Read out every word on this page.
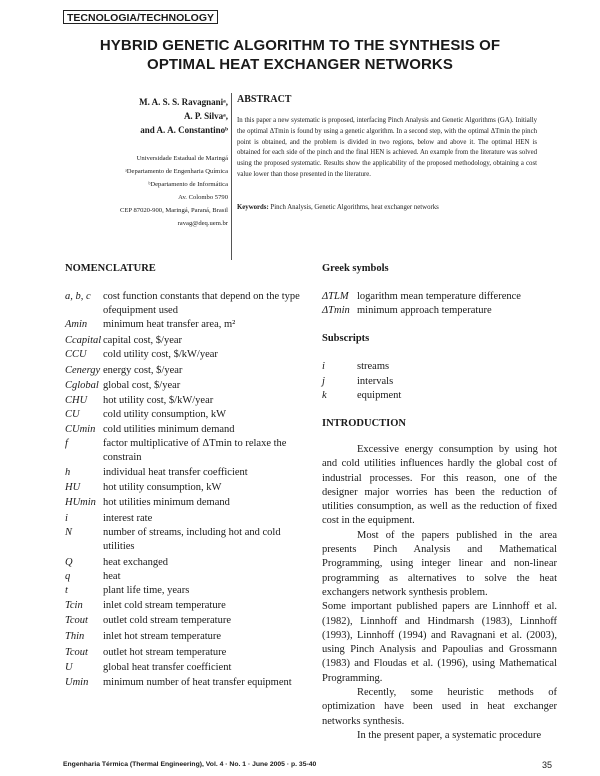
TECNOLOGIA/TECHNOLOGY
HYBRID GENETIC ALGORITHM TO THE SYNTHESIS OF
OPTIMAL HEAT EXCHANGER NETWORKS
M. A. S. S. Ravagnaniᵃ,
A. P. Silvaᵃ,
and A. A. Constantinoᵇ
Universidade Estadual de Maringá
ᵃDepartamento de Engenharia Química
ᵇDepartamento de Informática
Av. Colombo 5790
CEP 87020-900, Maringá, Paraná, Brasil
ravag@deq.uem.br
ABSTRACT
In this paper a new systematic is proposed, interfacing Pinch Analysis and Genetic Algorithms (GA). Initially the optimal ΔTmin is found by using a genetic algorithm. In a second step, with the optimal ΔTmin the pinch point is obtained, and the problem is divided in two regions, below and above it. The optimal HEN is obtained for each side of the pinch and the final HEN is achieved. An example from the literature was solved using the proposed systematic. Results show the applicability of the proposed methodology, obtaining a cost value lower than those presented in the literature.
Keywords: Pinch Analysis, Genetic Algorithms, heat exchanger networks
NOMENCLATURE
a, b, c	cost function constants that depend on the type ofequipment used
Amin	minimum heat transfer area, m²
Ccapital capital cost, $/year
CCU	cold utility cost, $/kW/year
Cenergy energy cost, $/year
Cglobal global cost, $/year
CHU	hot utility cost, $/kW/year
CU	cold utility consumption, kW
CUmin cold utilities minimum demand
f	factor multiplicative of ΔTmin to relaxe the constrain
h	individual heat transfer coefficient
HU	hot utility consumption, kW
HUmin hot utilities minimum demand
i	interest rate
N	number of streams, including hot and cold utilities
Q	heat exchanged
q	heat
t	plant life time, years
Tcin	inlet cold stream temperature
Tcout	outlet cold stream temperature
Thin	inlet hot stream temperature
Tcout	outlet hot stream temperature
U	global heat transfer coefficient
Umin	minimum number of heat transfer equipment
Greek symbols
ΔTLM logarithm mean temperature difference
ΔTmin minimum approach temperature
Subscripts
i	streams
j	intervals
k	equipment
INTRODUCTION

Excessive energy consumption by using hot and cold utilities influences hardly the global cost of industrial processes. For this reason, one of the designer major worries has been the reduction of utilities consumption, as well as the reduction of fixed cost in the equipment.

Most of the papers published in the area presents Pinch Analysis and Mathematical Programming, using integer linear and non-linear programming as alternatives to solve the heat exchangers network synthesis problem.

Some important published papers are Linnhoff et al. (1982), Linnhoff and Hindmarsh (1983), Linnhoff (1993), Linnhoff (1994) and Ravagnani et al. (2003), using Pinch Analysis and Papoulias and Grossmann (1983) and Floudas et al. (1996), using Mathematical Programming.

Recently, some heuristic methods of optimization have been used in heat exchanger networks synthesis.

In the present paper, a systematic procedure

Engenharia Térmica (Thermal Engineering), Vol. 4 · No. 1 · June 2005 · p. 35-40	35
